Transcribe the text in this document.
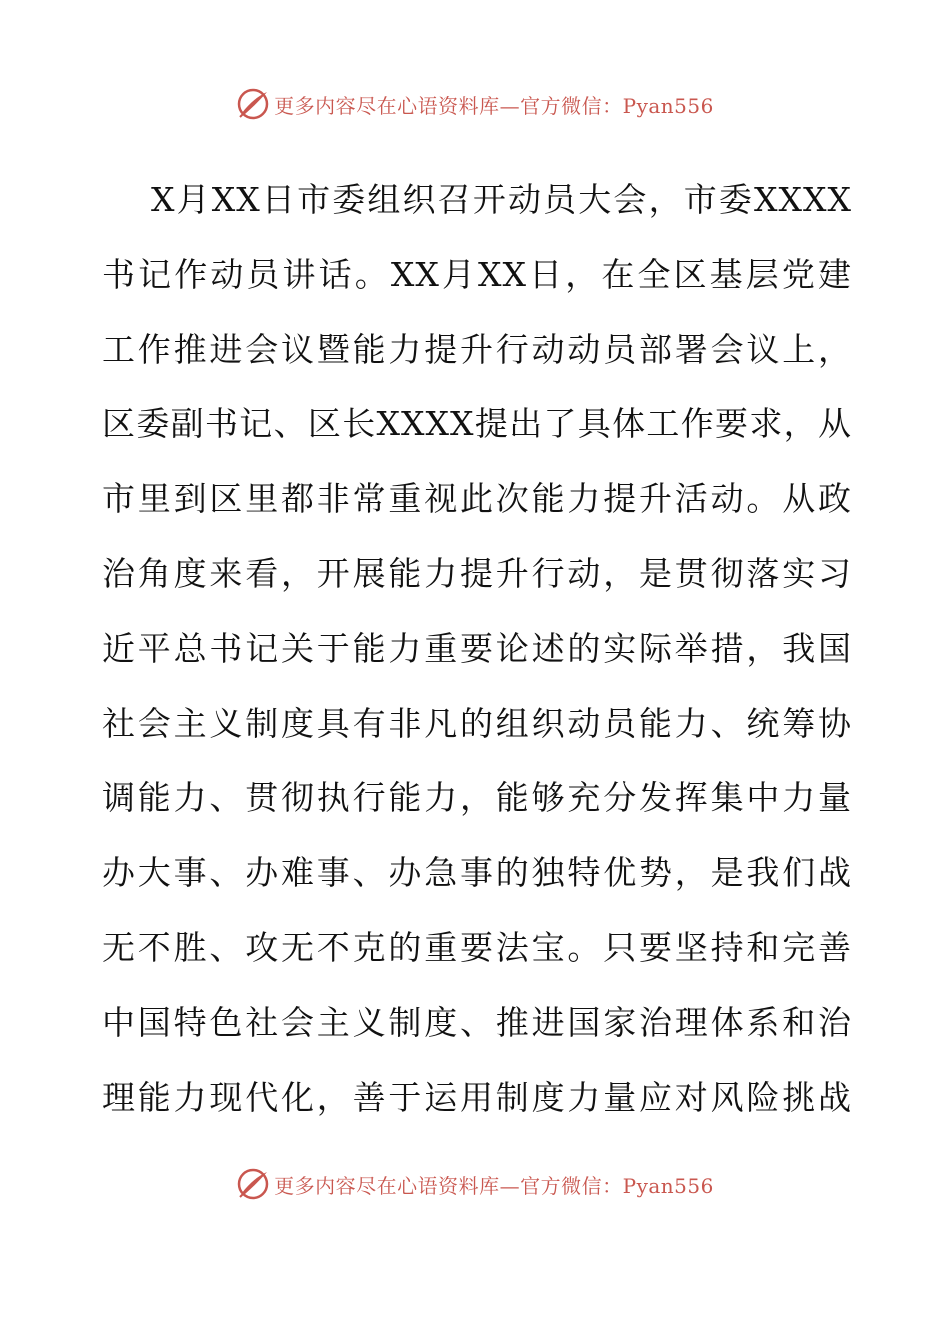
更多内容尽在心语资料库—官方微信：Pyan556
X月XX日市委组织召开动员大会，市委XXXX
书记作动员讲话。XX月XX日，在全区基层党建
工作推进会议暨能力提升行动动员部署会议上，
区委副书记、区长XXXX提出了具体工作要求，从
市里到区里都非常重视此次能力提升活动。从政
治角度来看，开展能力提升行动，是贯彻落实习
近平总书记关于能力重要论述的实际举措，我国
社会主义制度具有非凡的组织动员能力、统筹协
调能力、贯彻执行能力，能够充分发挥集中力量
办大事、办难事、办急事的独特优势，是我们战
无不胜、攻无不克的重要法宝。只要坚持和完善
中国特色社会主义制度、推进国家治理体系和治
理能力现代化，善于运用制度力量应对风险挑战
更多内容尽在心语资料库—官方微信：Pyan556
